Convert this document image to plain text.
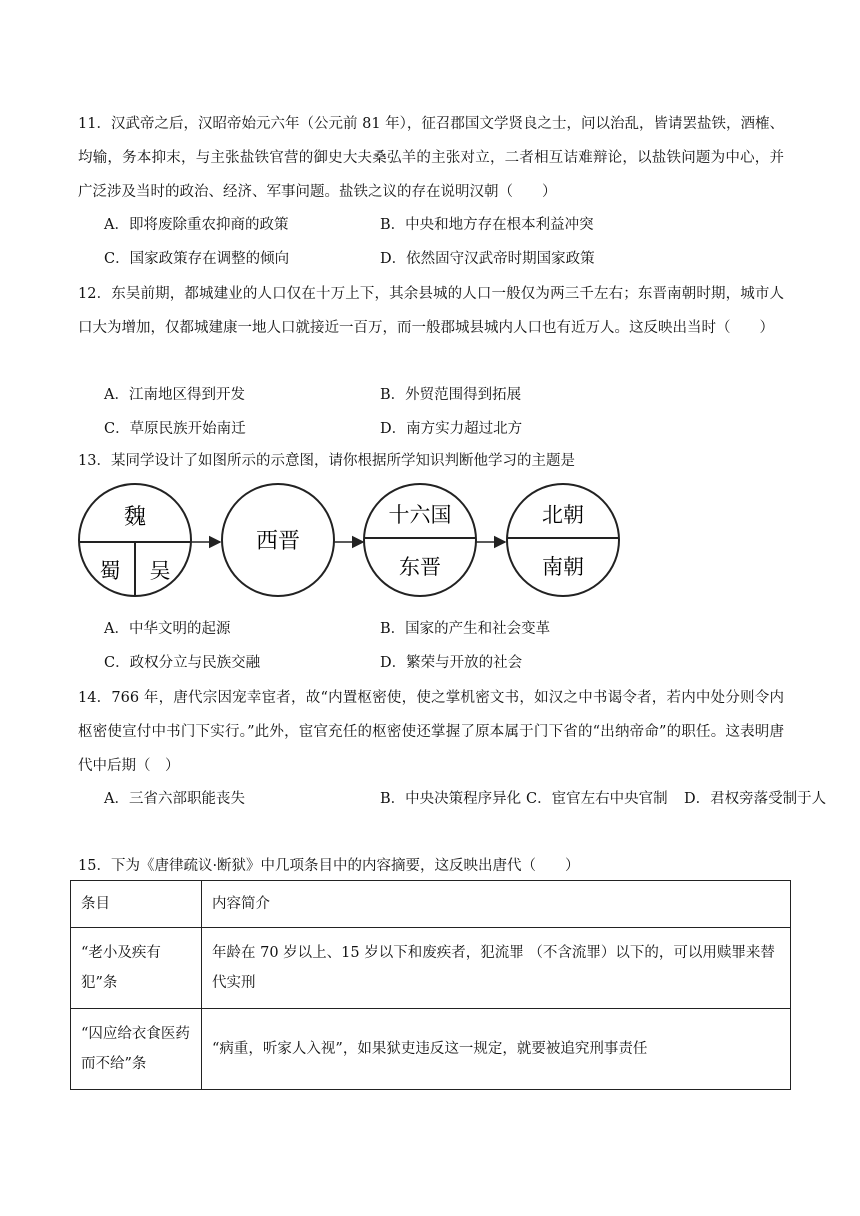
11．汉武帝之后，汉昭帝始元六年（公元前 81 年），征召郡国文学贤良之士，问以治乱，皆请罢盐铁，酒榷、均输，务本抑末，与主张盐铁官营的御史大夫桑弘羊的主张对立，二者相互诘难辩论，以盐铁问题为中心，并广泛涉及当时的政治、经济、军事问题。盐铁之议的存在说明汉朝（　　）

A．即将废除重农抑商的政策	B．中央和地方存在根本利益冲突
C．国家政策存在调整的倾向	D．依然固守汉武帝时期国家政策

12．东吴前期，都城建业的人口仅在十万上下，其余县城的人口一般仅为两三千左右；东晋南朝时期，城市人口大为增加，仅都城建康一地人口就接近一百万，而一般郡城县城内人口也有近万人。这反映出当时（　　）

A．江南地区得到开发	B．外贸范围得到拓展
C．草原民族开始南迁	D．南方实力超过北方

13．某同学设计了如图所示的示意图，请你根据所学知识判断他学习的主题是

魏
蜀 吴
西晋
十六国
东晋
北朝
南朝
A．中华文明的起源	B．国家的产生和社会变革
C．政权分立与民族交融	D．繁荣与开放的社会

14．766 年，唐代宗因宠幸宦者，故“内置枢密使，使之掌机密文书，如汉之中书谒令者，若内中处分则令内枢密使宣付中书门下实行。”此外，宦官充任的枢密使还掌握了原本属于门下省的“出纳帝命”的职任。这表明唐代中后期（　）

A．三省六部职能丧失	B．中央决策程序异化 C．宦官左右中央官制 D．君权旁落受制于人

15．下为《唐律疏议·断狱》中几项条目中的内容摘要，这反映出唐代（　　）

条目	内容简介
“老小及疾有犯”条	年龄在 70 岁以上、15 岁以下和废疾者，犯流罪 （不含流罪）以下的，可以用赎罪来替代实刑
“囚应给衣食医药而不给”条	“病重，听家人入视”，如果狱吏违反这一规定，就要被追究刑事责任
